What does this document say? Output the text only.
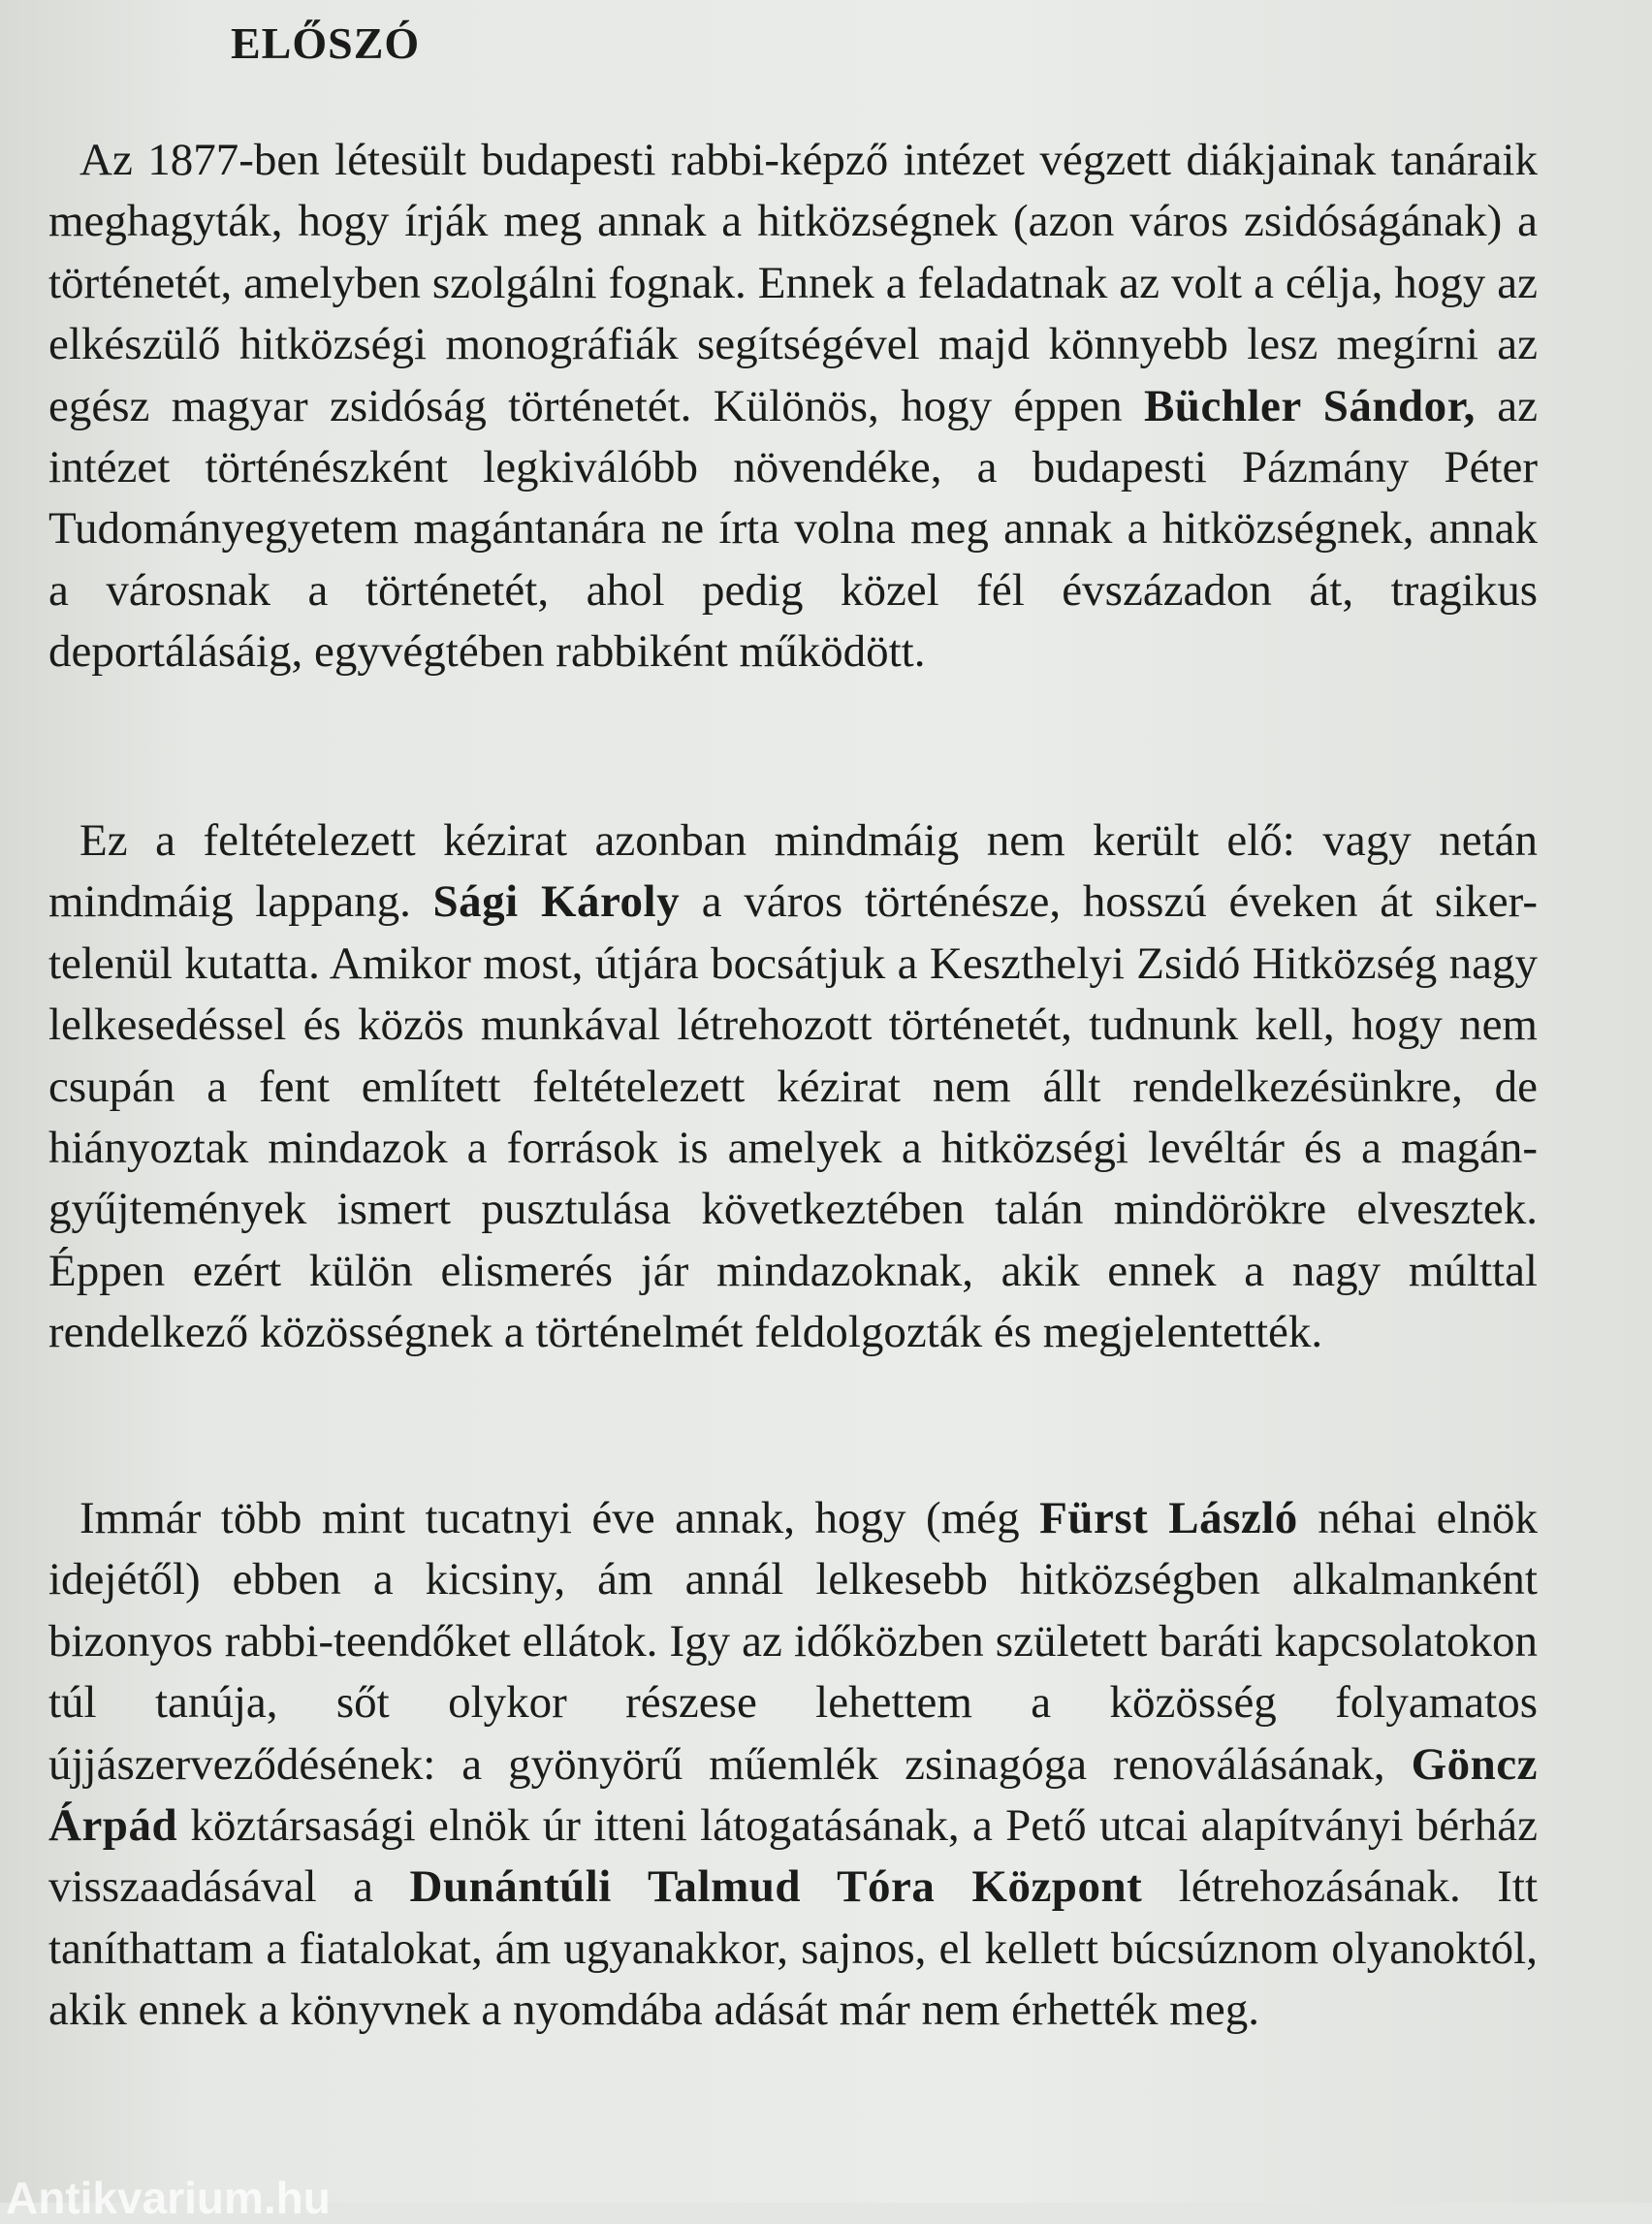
ELŐSZÓ

Az 1877-ben létesült budapesti rabbi-képző intézet végzett diákjainak tanáraik meghagyták, hogy írják meg annak a hitközségnek (azon város zsidóságának) a történetét, amelyben szolgálni fognak. Ennek a feladatnak az volt a célja, hogy az elkészülő hitközségi monográfiák segítségével majd könnyebb lesz megírni az egész magyar zsidóság történetét. Különös, hogy éppen Büchler Sándor, az intézet történészként legkiválóbb növendéke, a budapesti Pázmány Péter Tudományegyetem magántanára ne írta volna meg annak a hitközségnek, annak a városnak a történetét, ahol pedig közel fél évszázadon át, tragikus deportálásáig, egyvégtében rabbiként működött.

Ez a feltételezett kézirat azonban mindmáig nem került elő: vagy netán mindmáig lappang. Sági Károly a város történésze, hosszú éveken át siker-telenül kutatta. Amikor most, útjára bocsátjuk a Keszthelyi Zsidó Hitközség nagy lelkesedéssel és közös munkával létrehozott történetét, tudnunk kell, hogy nem csupán a fent említett feltételezett kézirat nem állt rendelkezésünkre, de hiányoztak mindazok a források is amelyek a hitközségi levéltár és a magán-gyűjtemények ismert pusztulása következtében talán mindörökre elvesztek. Éppen ezért külön elismerés jár mindazoknak, akik ennek a nagy múlttal rendelkező közösségnek a történelmét feldolgozták és megjelentették.

Immár több mint tucatnyi éve annak, hogy (még Fürst László néhai elnök idejétől) ebben a kicsiny, ám annál lelkesebb hitközségben alkalmanként bizonyos rabbi-teendőket ellátok. Igy az időközben született baráti kapcsolatokon túl tanúja, sőt olykor részese lehettem a közösség folyamatos újjászerveződésének: a gyönyörű műemlék zsinagóga renoválásának, Göncz Árpád köztársasági elnök úr itteni látogatásának, a Pető utcai alapítványi bérház visszaadásával a Dunántúli Talmud Tóra Központ létrehozásának. Itt taníthattam a fiatalokat, ám ugyanakkor, sajnos, el kellett búcsúznom olyanoktól, akik ennek a könyvnek a nyomdába adását már nem érhették meg.

Antikvarium.hu
